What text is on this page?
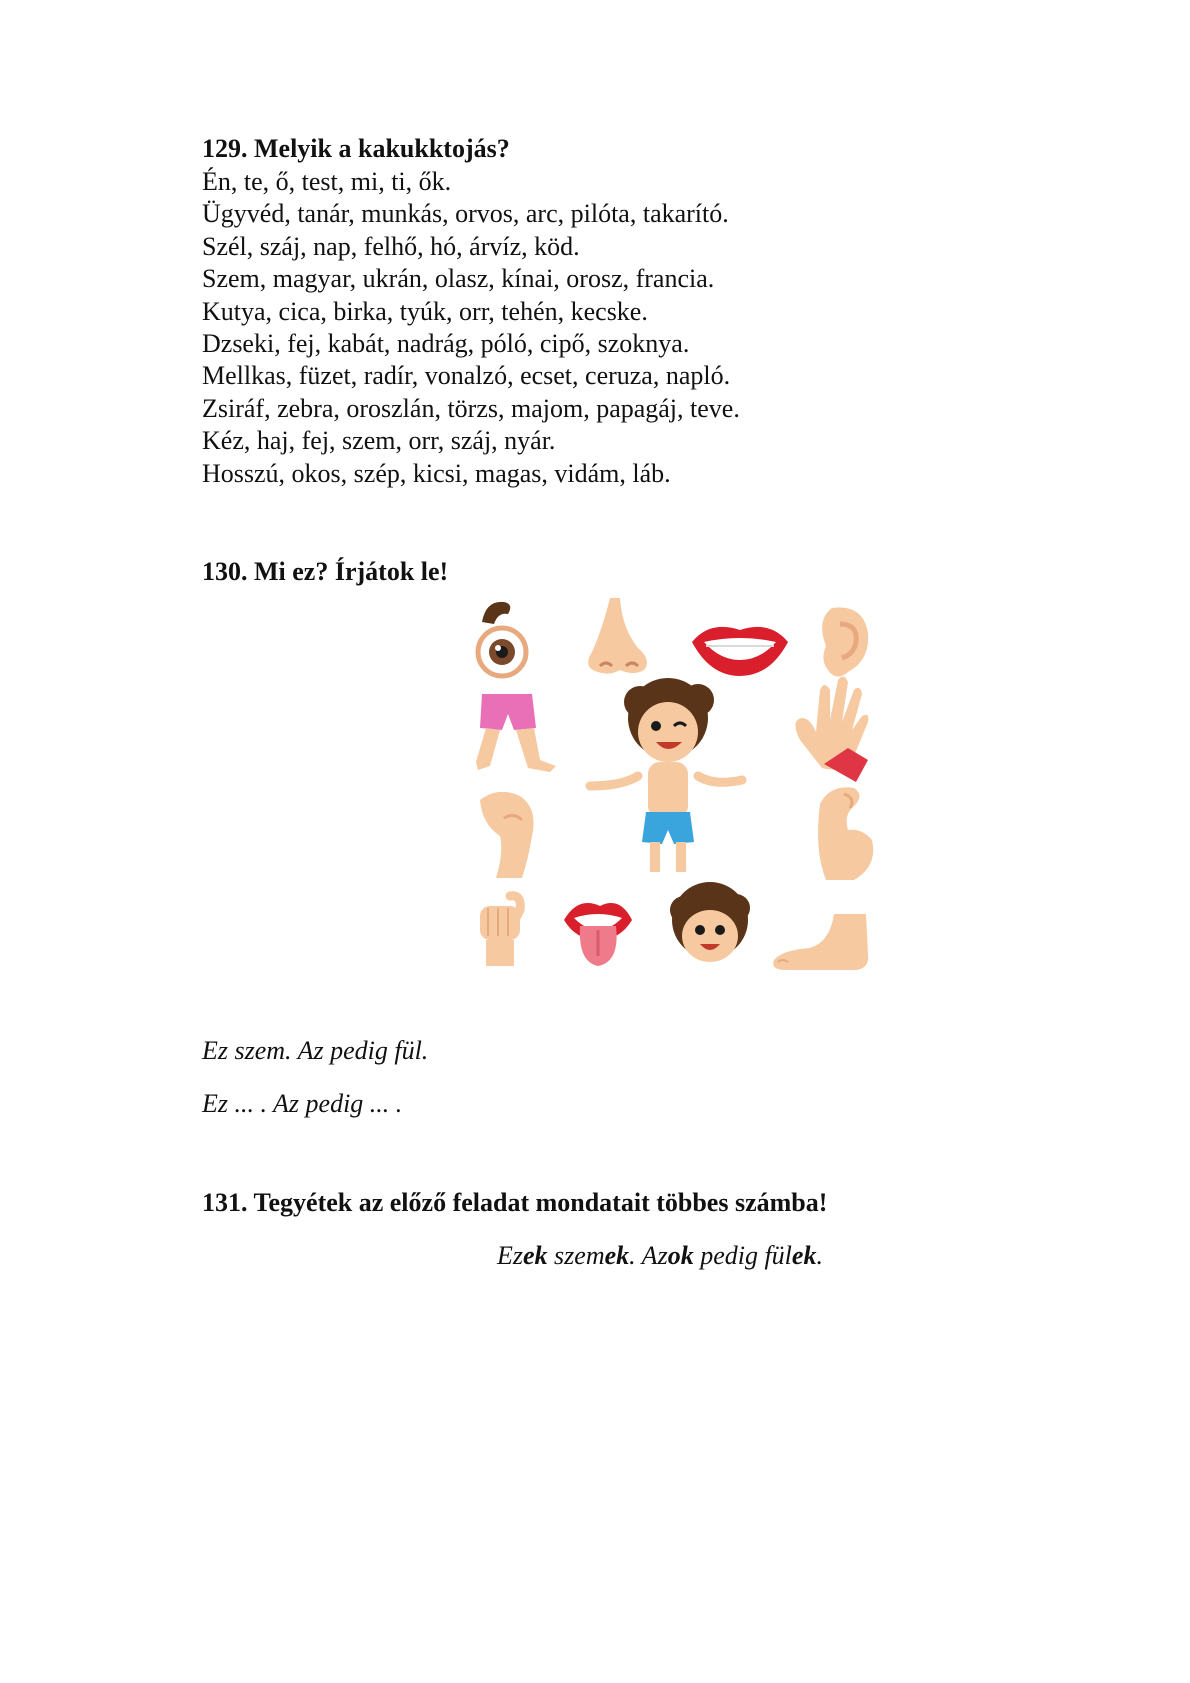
129. Melyik a kakukktojás?
Én, te, ő, test, mi, ti, ők.
Ügyvéd, tanár, munkás, orvos, arc, pilóta, takarító.
Szél, száj, nap, felhő, hó, árvíz, köd.
Szem, magyar, ukrán, olasz, kínai, orosz, francia.
Kutya, cica, birka, tyúk, orr, tehén, kecske.
Dzseki, fej, kabát, nadrág, póló, cipő, szoknya.
Mellkas, füzet, radír, vonalzó, ecset, ceruza, napló.
Zsiráf, zebra, oroszlán, törzs, majom, papagáj, teve.
Kéz, haj, fej, szem, orr, száj, nyár.
Hosszú, okos, szép, kicsi, magas, vidám, láb.
130. Mi ez? Írjátok le!

Ez szem. Az pedig fül.

Ez ... . Az pedig ... .

131. Tegyétek az előző feladat mondatait többes számba!

Ezek szemek. Azok pedig fülek.
